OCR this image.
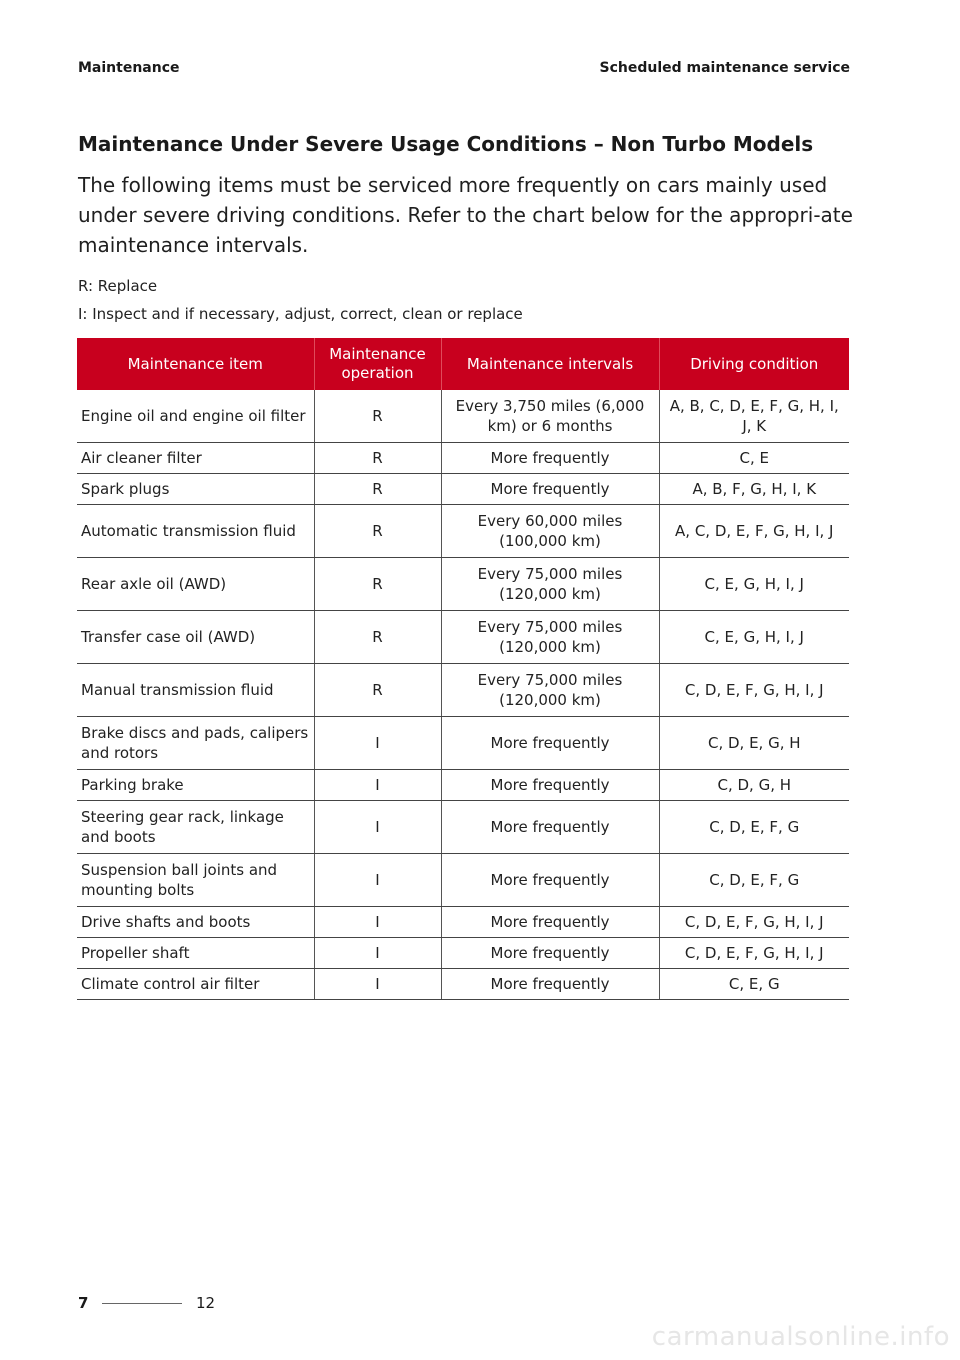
Maintenance	Scheduled maintenance service
Maintenance Under Severe Usage Conditions – Non Turbo Models
The following items must be serviced more frequently on cars mainly used under severe driving conditions. Refer to the chart below for the appropri-ate maintenance intervals.
R: Replace
I: Inspect and if necessary, adjust, correct, clean or replace
Maintenance item	Maintenance operation	Maintenance intervals	Driving condition
Engine oil and engine oil filter	R	Every 3,750 miles (6,000 km) or 6 months	A, B, C, D, E, F, G, H, I, J, K
Air cleaner filter	R	More frequently	C, E
Spark plugs	R	More frequently	A, B, F, G, H, I, K
Automatic transmission fluid	R	Every 60,000 miles (100,000 km)	A, C, D, E, F, G, H, I, J
Rear axle oil (AWD)	R	Every 75,000 miles (120,000 km)	C, E, G, H, I, J
Transfer case oil (AWD)	R	Every 75,000 miles (120,000 km)	C, E, G, H, I, J
Manual transmission fluid	R	Every 75,000 miles (120,000 km)	C, D, E, F, G, H, I, J
Brake discs and pads, calipers and rotors	I	More frequently	C, D, E, G, H
Parking brake	I	More frequently	C, D, G, H
Steering gear rack, linkage and boots	I	More frequently	C, D, E, F, G
Suspension ball joints and mounting bolts	I	More frequently	C, D, E, F, G
Drive shafts and boots	I	More frequently	C, D, E, F, G, H, I, J
Propeller shaft	I	More frequently	C, D, E, F, G, H, I, J
Climate control air filter	I	More frequently	C, E, G
7	12
carmanualsonline.info
